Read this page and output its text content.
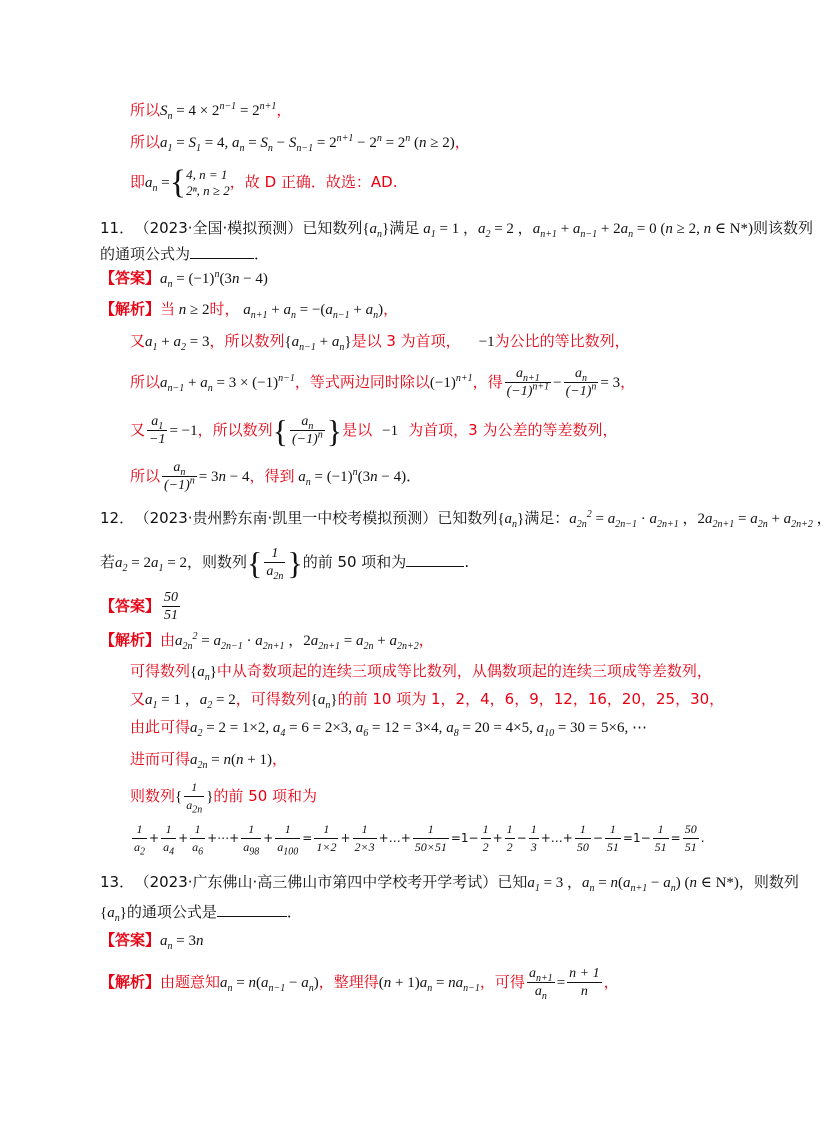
所以$S_n = 4 \times 2^{n-1} = 2^{n+1}$，
所以$a_1 = S_1 = 4$, $a_n = S_n - S_{n-1} = 2^{n+1} - 2^n = 2^n$ (n ≥ 2)，
即$a_n$ ={ 4, n = 1
2ⁿ, n ≥ 2 ，故 D 正确．故选：AD.
11． （2023·全国·模拟预测）已知数列$\{a_n\}$满足 $a_1 = 1$ ，$a_2 = 2$ ，$a_{n+1} + a_{n-1} + 2a_n = 0$ (n ≥ 2, n ∈ N*)则该数列
的通项公式为	．
【答案】$a_n = (-1)^n(3n - 4)$
【解析】当 n ≥ 2时， $a_{n+1} + a_n = -(a_{n-1} + a_n)$，
又$a_1 + a_2 = 3$，所以数列$\{a_{n-1} + a_n\}$是以 3 为首项， −1为公比的等比数列，
所以$a_{n-1} + a_n = 3 \times (-1)^{n-1}$，等式两边同时除以$(-1)^{n+1}$，得 $\frac{a_{n+1}}{(-1)^{n+1}} - \frac{a_n}{(-1)^n} = 3$，
又 $\frac{a_1}{-1} = -1$，所以数列{ $\frac{a_n}{(-1)^n}$ }是以 −1 为首项，3 为公差的等差数列，
所以 $\frac{a_n}{(-1)^n} = 3n - 4$，得到 $a_n = (-1)^n(3n - 4)$．
12． （2023·贵州黔东南·凯里一中校考模拟预测）已知数列$\{a_n\}$满足：$a_{2n}^2 = a_{2n-1} \cdot a_{2n+1}$ ，$2a_{2n+1} = a_{2n} + a_{2n+2}$ ，
若$a_2 = 2a_1 = 2$，则数列{ $\frac{1}{a_{2n}}$ }的前 50 项和为	.
【答案】 $\frac{50}{51}$
【解析】由$a_{2n}^2 = a_{2n-1} \cdot a_{2n+1}$ ，$2a_{2n+1} = a_{2n} + a_{2n+2}$，
可得数列$\{a_n\}$中从奇数项起的连续三项成等比数列，从偶数项起的连续三项成等差数列，
又$a_1 = 1$ ，$a_2 = 2$，可得数列$\{a_n\}$的前 10 项为 1，2，4，6，9，12，16，20，25，30，
由此可得$a_2 = 2 = 1\times 2$, $a_4 = 6 = 2\times 3$, $a_6 = 12 = 3\times 4$, $a_8 = 20 = 4\times 5$, $a_{10} = 30 = 5\times 6$, ⋯
进而可得$a_{2n} = n(n + 1)$，
则数列{ $\frac{1}{a_{2n}}$ }的前 50 项和为
$\frac{1}{a_2} + \frac{1}{a_4} + \frac{1}{a_6}$ +⋯+ $\frac{1}{a_{98}} + \frac{1}{a_{100}} = \frac{1}{1\times 2} + \frac{1}{2\times 3}$ +…+ $\frac{1}{50\times 51} =1- \frac{1}{2} + \frac{1}{2} - \frac{1}{3}$ +…+ $\frac{1}{50} - \frac{1}{51} =1- \frac{1}{51} = \frac{50}{51}$ .
13． （2023·广东佛山·高三佛山市第四中学校考开学考试）已知$a_1 = 3$ ，$a_n = n(a_{n+1} - a_n)$ (n ∈ N*)，则数列
$\{a_n\}$的通项公式是	．
【答案】$a_n = 3n$
【解析】由题意知$a_n = n(a_{n-1} - a_n)$，整理得$(n + 1)a_n = na_{n-1}$，可得 $\frac{a_{n+1}}{a_n} = \frac{n + 1}{n}$ ，
